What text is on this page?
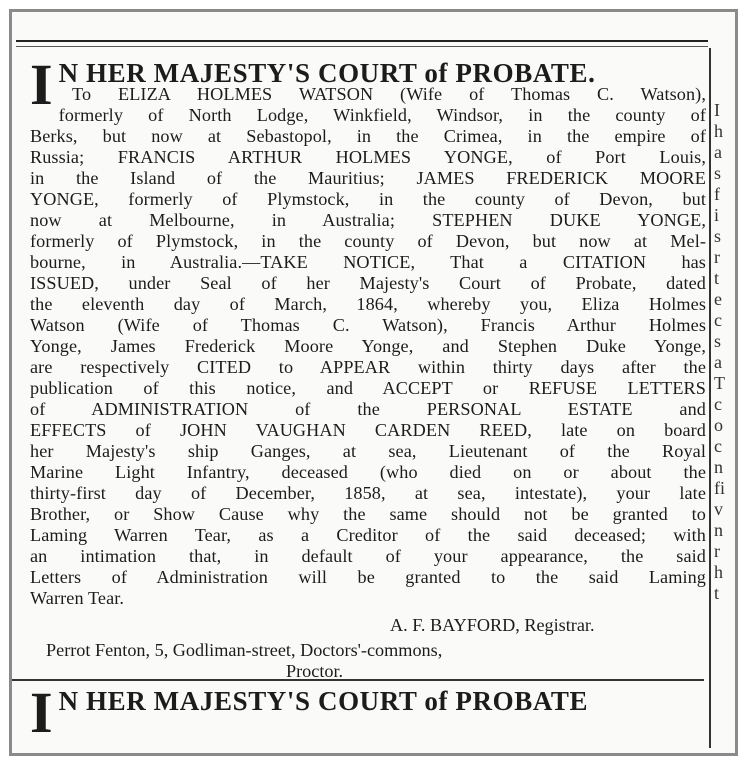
I N HER MAJESTY'S COURT of PROBATE.
To ELIZA HOLMES WATSON (Wife of Thomas C. Watson),
formerly of North Lodge, Winkfield, Windsor, in the county of
Berks, but now at Sebastopol, in the Crimea, in the empire of
Russia; FRANCIS ARTHUR HOLMES YONGE, of Port Louis,
in the Island of the Mauritius; JAMES FREDERICK MOORE
YONGE, formerly of Plymstock, in the county of Devon, but
now at Melbourne, in Australia; STEPHEN DUKE YONGE,
formerly of Plymstock, in the county of Devon, but now at Mel-
bourne, in Australia.—TAKE NOTICE, That a CITATION has
ISSUED, under Seal of her Majesty's Court of Probate, dated
the eleventh day of March, 1864, whereby you, Eliza Holmes
Watson (Wife of Thomas C. Watson), Francis Arthur Holmes
Yonge, James Frederick Moore Yonge, and Stephen Duke Yonge,
are respectively CITED to APPEAR within thirty days after the
publication of this notice, and ACCEPT or REFUSE LETTERS
of ADMINISTRATION of the PERSONAL ESTATE and
EFFECTS of JOHN VAUGHAN CARDEN REED, late on board
her Majesty's ship Ganges, at sea, Lieutenant of the Royal
Marine Light Infantry, deceased (who died on or about the
thirty-first day of December, 1858, at sea, intestate), your late
Brother, or Show Cause why the same should not be granted to
Laming Warren Tear, as a Creditor of the said deceased; with
an intimation that, in default of your appearance, the said
Letters of Administration will be granted to the said Laming
Warren Tear.
A. F. BAYFORD, Registrar.
Perrot Fenton, 5, Godliman-street, Doctors'-commons,
Proctor.
I N HER MAJESTY'S COURT of PROBATE
I
h
a
s
f
i
s
r
t
e
c
s
a
T
c
o
c
n
fi
v
n
r
h
t
